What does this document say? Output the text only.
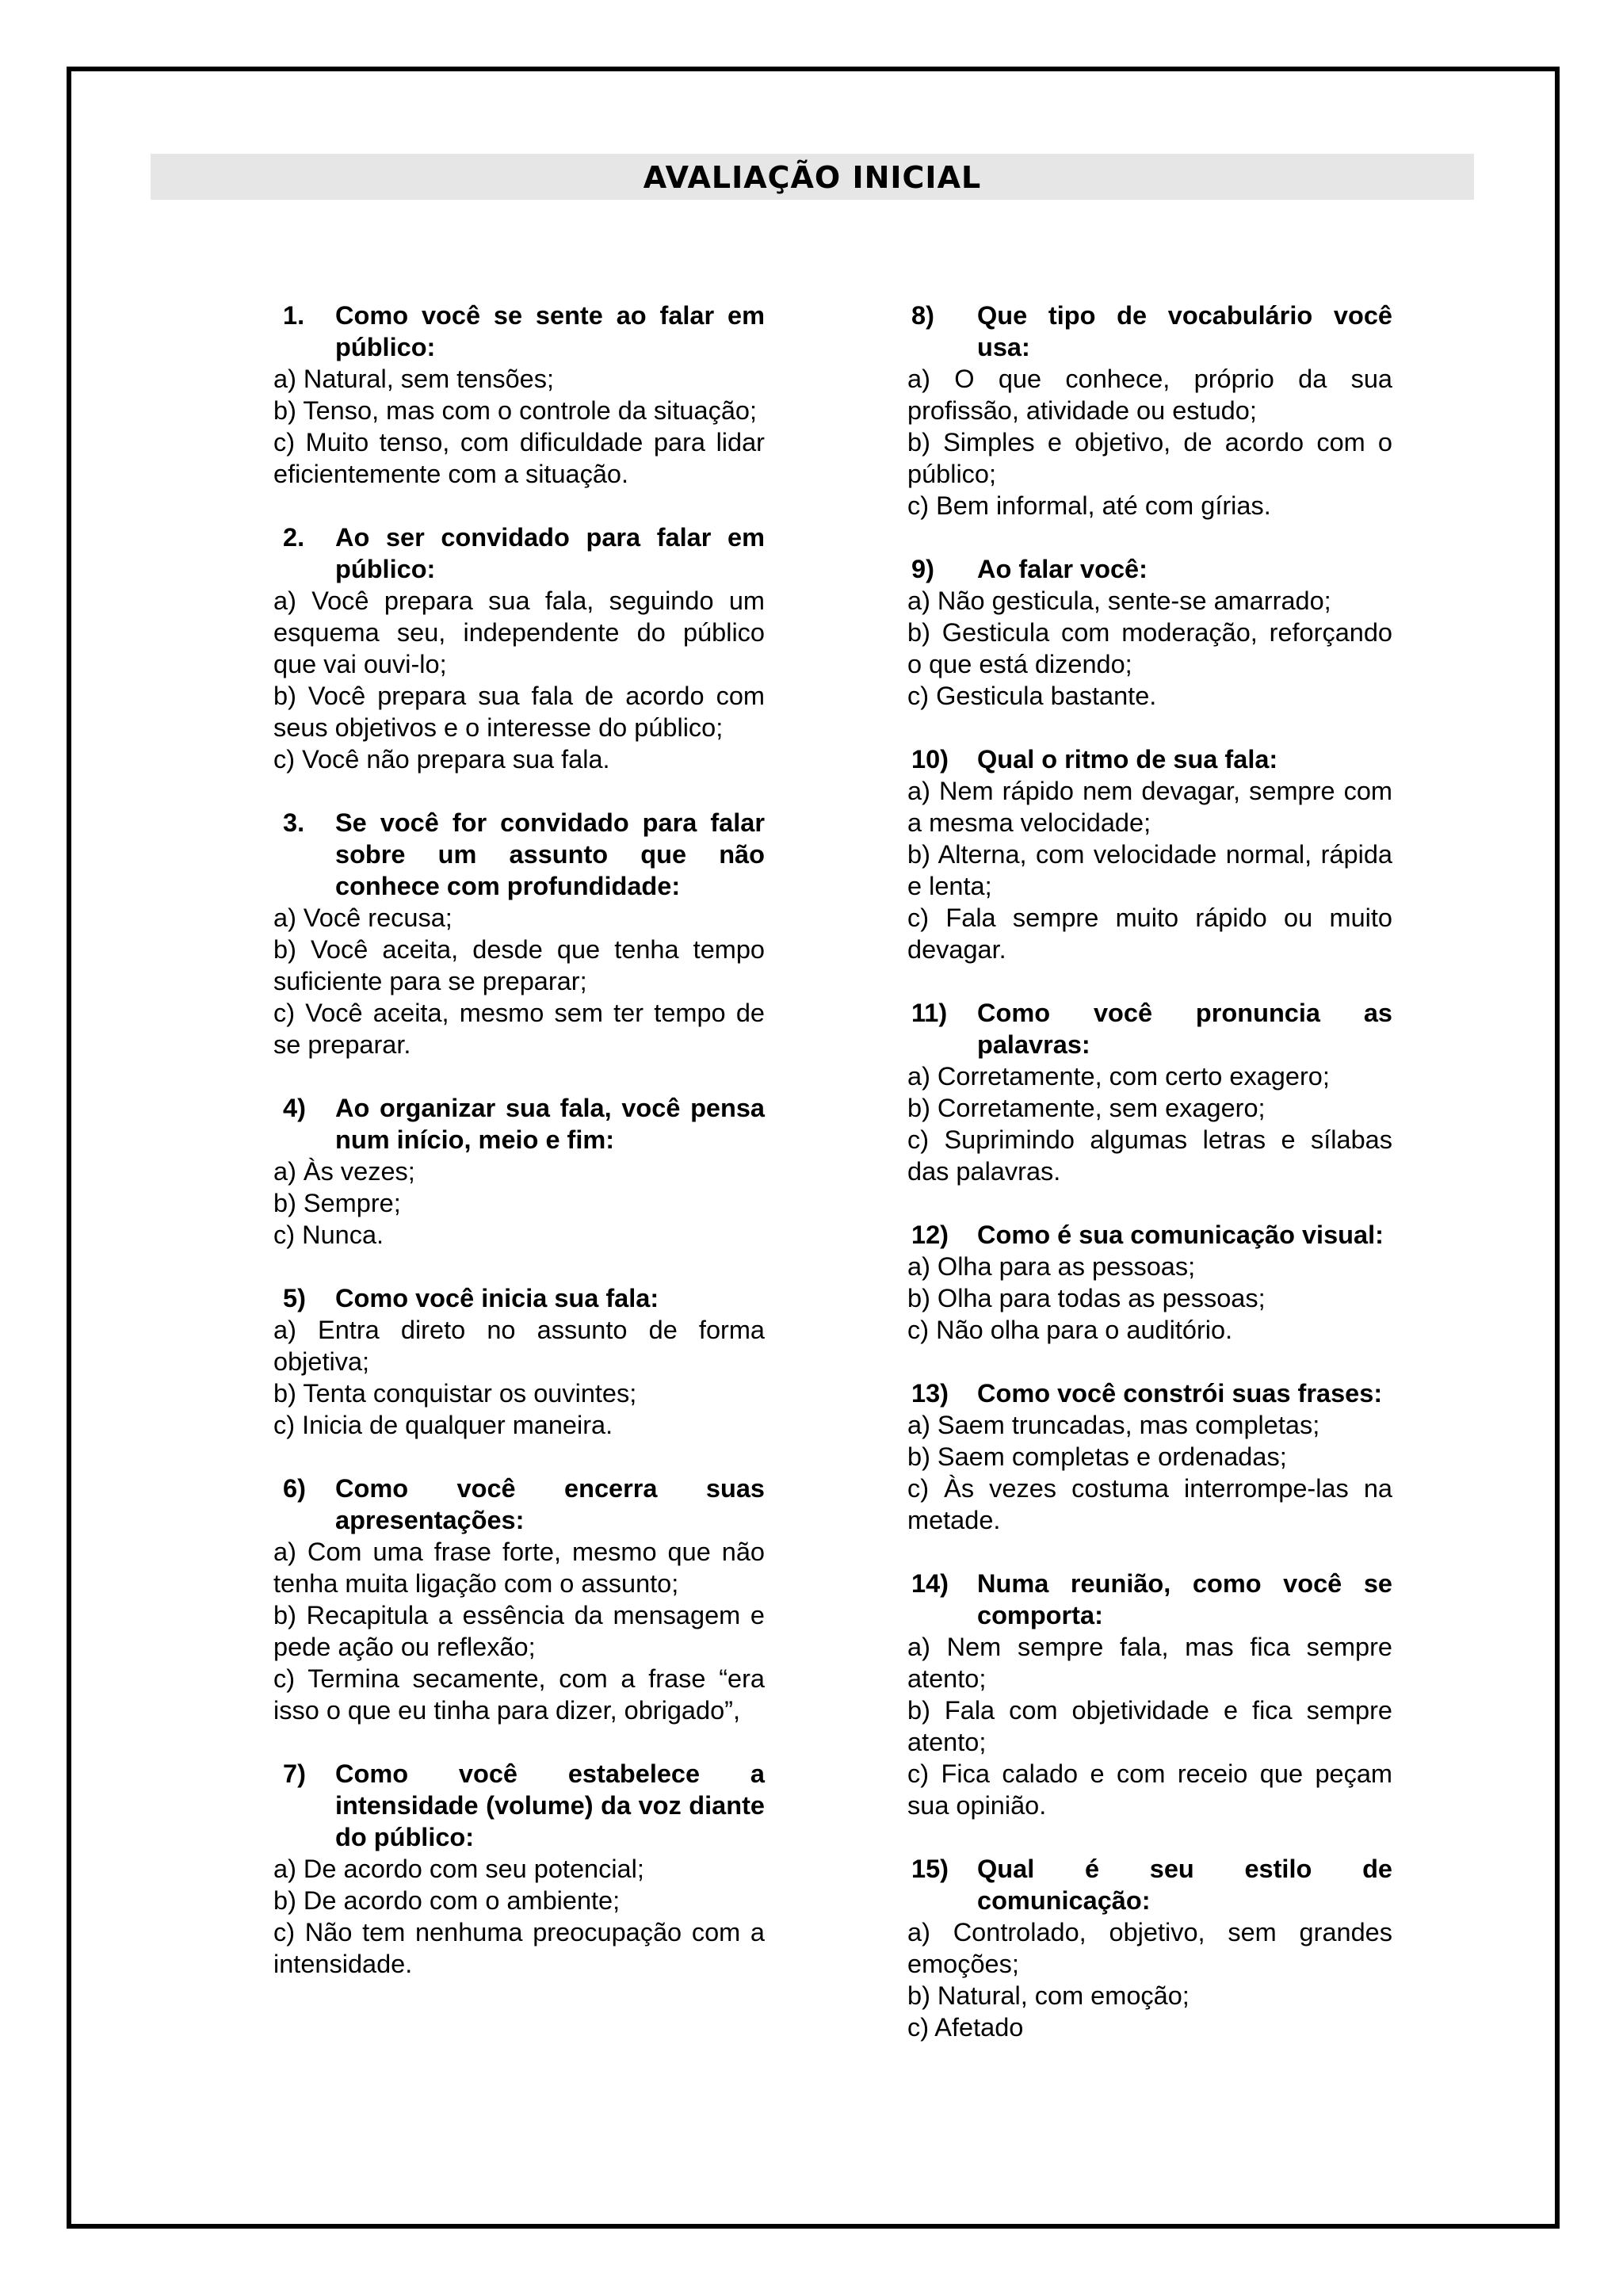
AVALIAÇÃO INICIAL
1.	Como você se sente ao falar em público:
a) Natural, sem tensões;
b) Tenso, mas com o controle da situação;
c) Muito tenso, com dificuldade para lidar eficientemente com a situação.
2.	Ao ser convidado para falar em público:
a) Você prepara sua fala, seguindo um esquema seu, independente do público que vai ouvi-lo;
b) Você prepara sua fala de acordo com seus objetivos e o interesse do público;
c) Você não prepara sua fala.
3.	Se você for convidado para falar sobre um assunto que não conhece com profundidade:
a) Você recusa;
b) Você aceita, desde que tenha tempo suficiente para se preparar;
c) Você aceita, mesmo sem ter tempo de se preparar.
4)	Ao organizar sua fala, você pensa num início, meio e fim:
a) Às vezes;
b) Sempre;
c) Nunca.
5)	Como você inicia sua fala:
a) Entra direto no assunto de forma objetiva;
b) Tenta conquistar os ouvintes;
c) Inicia de qualquer maneira.
6)	Como você encerra suas apresentações:
a) Com uma frase forte, mesmo que não tenha muita ligação com o assunto;
b) Recapitula a essência da mensagem e pede ação ou reflexão;
c) Termina secamente, com a frase “era isso o que eu tinha para dizer, obrigado”,
7)	Como você estabelece a intensidade (volume) da voz diante do público:
a) De acordo com seu potencial;
b) De acordo com o ambiente;
c) Não tem nenhuma preocupação com a intensidade.
8)	Que tipo de vocabulário você usa:
a) O que conhece, próprio da sua profissão, atividade ou estudo;
b) Simples e objetivo, de acordo com o público;
c) Bem informal, até com gírias.
9)	Ao falar você:
a) Não gesticula, sente-se amarrado;
b) Gesticula com moderação, reforçando o que está dizendo;
c) Gesticula bastante.
10)	Qual o ritmo de sua fala:
a) Nem rápido nem devagar, sempre com a mesma velocidade;
b) Alterna, com velocidade normal, rápida e lenta;
c) Fala sempre muito rápido ou muito devagar.
11)	Como você pronuncia as palavras:
a) Corretamente, com certo exagero;
b) Corretamente, sem exagero;
c) Suprimindo algumas letras e sílabas das palavras.
12)	Como é sua comunicação visual:
a) Olha para as pessoas;
b) Olha para todas as pessoas;
c) Não olha para o auditório.
13)	Como você constrói suas frases:
a) Saem truncadas, mas completas;
b) Saem completas e ordenadas;
c) Às vezes costuma interrompe-las na metade.
14)	Numa reunião, como você se comporta:
a) Nem sempre fala, mas fica sempre atento;
b) Fala com objetividade e fica sempre atento;
c) Fica calado e com receio que peçam sua opinião.
15)	Qual é seu estilo de comunicação:
a) Controlado, objetivo, sem grandes emoções;
b) Natural, com emoção;
c) Afetado
